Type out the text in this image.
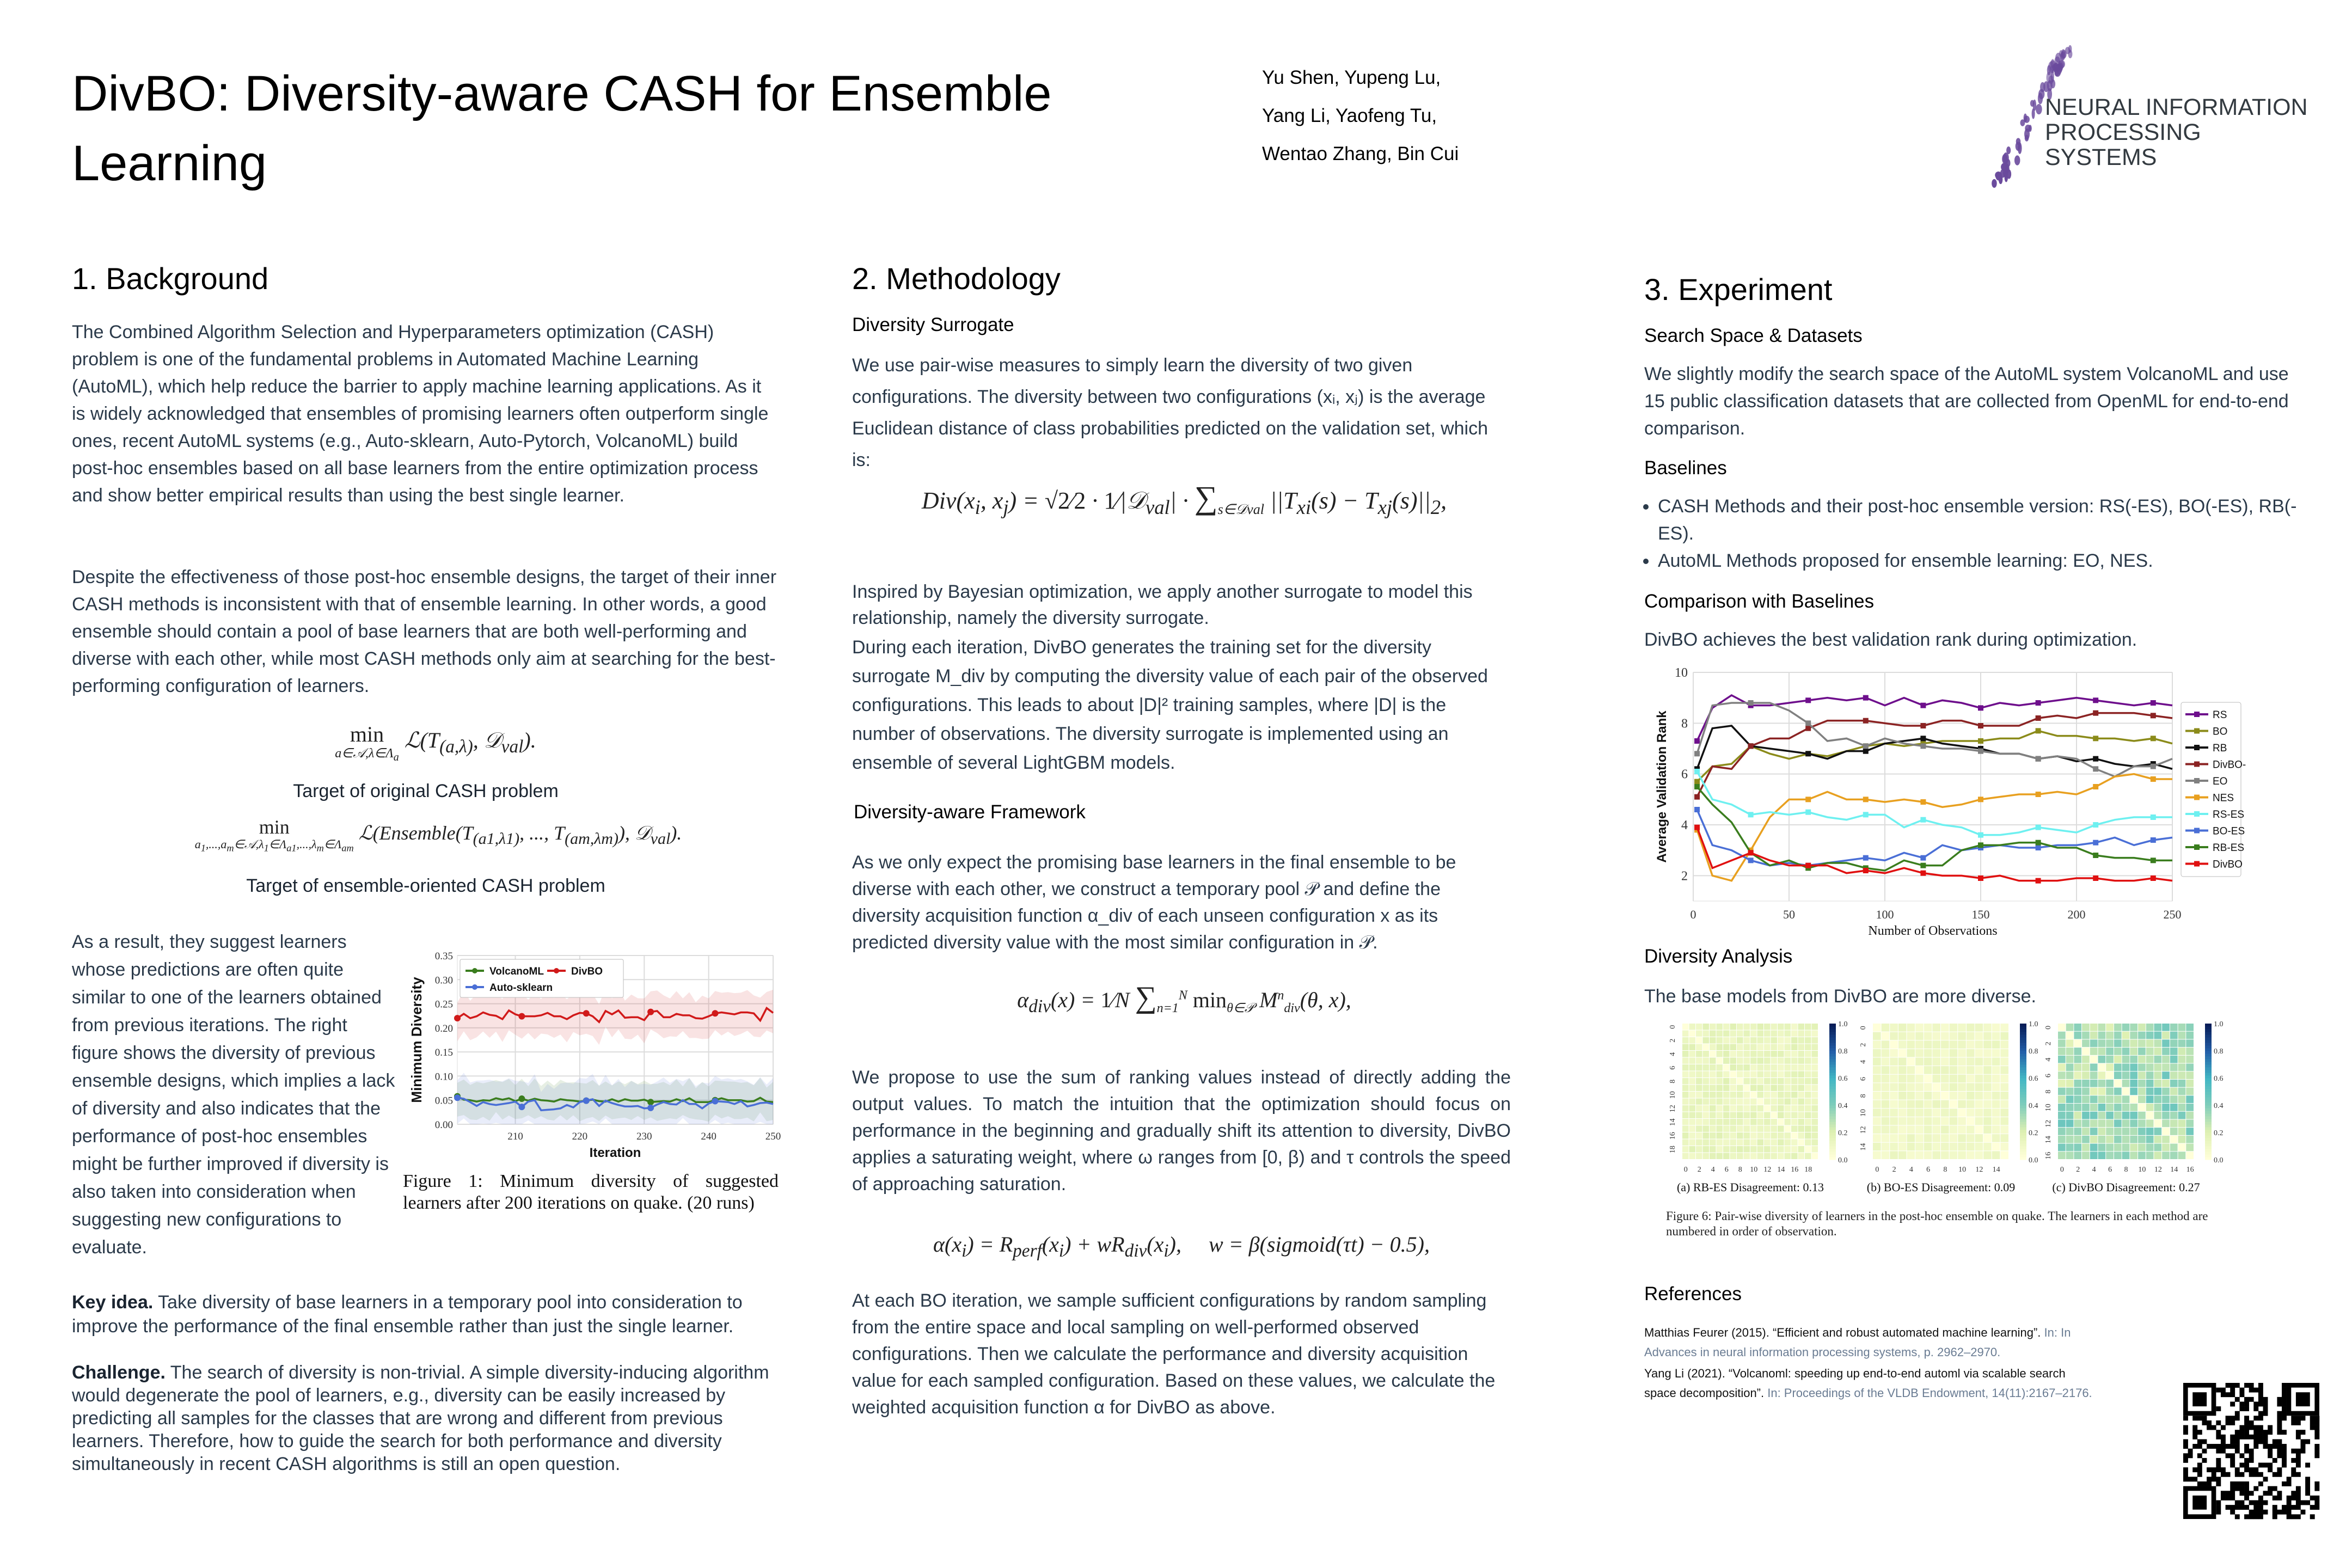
DivBO: Diversity-aware CASH for Ensemble
Learning
Yu Shen, Yupeng Lu,
Yang Li, Yaofeng Tu,
Wentao Zhang, Bin Cui
NEURAL INFORMATION
PROCESSING SYSTEMS
1. Background
The Combined Algorithm Selection and Hyperparameters optimization (CASH) problem is one of the fundamental problems in Automated Machine Learning (AutoML), which help reduce the barrier to apply machine learning applications. As it is widely acknowledged that ensembles of promising learners often outperform single ones, recent AutoML systems (e.g., Auto-sklearn, Auto-Pytorch, VolcanoML) build post-hoc ensembles based on all base learners from the entire optimization process and show better empirical results than using the best single learner.
Despite the effectiveness of those post-hoc ensemble designs, the target of their inner CASH methods is inconsistent with that of ensemble learning. In other words, a good ensemble should contain a pool of base learners that are both well-performing and diverse with each other, while most CASH methods only aim at searching for the best-performing configuration of learners.
min
$a\in 𝒜,\lambda\in\Lambda_a$
$ℒ(T_{(a,\lambda)}$, 𝒟$_{val}$).
Target of original CASH problem
min
$a_1,...,a_m\in 𝒜,\lambda_1\in\Lambda_{a1},...,\lambda_m\in\Lambda_{am}$
$ℒ(Ensemble(T_{(a1,\lambda 1)}$, ..., $T_{(am,\lambda m)}$), 𝒟$_{val}$).
Target of ensemble-oriented CASH problem
As a result, they suggest learners whose predictions are often quite similar to one of the learners obtained from previous iterations. The right figure shows the diversity of previous ensemble designs, which implies a lack of diversity and also indicates that the performance of post-hoc ensembles might be further improved if diversity is also taken into consideration when suggesting new configurations to evaluate.
0.00
0.05
0.10
0.15
0.20
0.25
0.30
0.35
210	220	230	240	250
Iteration
Minimum Diversity
VolcanoML
Auto-sklearn
DivBO
Figure 1: Minimum diversity of suggested learners after 200 iterations on quake. (20 runs)
Key idea. Take diversity of base learners in a temporary pool into consideration to improve the performance of the final ensemble rather than just the single learner.
Challenge. The search of diversity is non-trivial. A simple diversity-inducing algorithm would degenerate the pool of learners, e.g., diversity can be easily increased by predicting all samples for the classes that are wrong and different from previous learners. Therefore, how to guide the search for both performance and diversity simultaneously in recent CASH algorithms is still an open question.
2. Methodology
Diversity Surrogate
We use pair-wise measures to simply learn the diversity of two given configurations. The diversity between two configurations (xᵢ, xⱼ) is the average Euclidean distance of class probabilities predicted on the validation set, which is:
$Div(x_i$, $x_j$) = √2⁄2 · 1⁄|𝒟$_{val}$| · $\sum_{s\in 𝒟val}$ $||T_{xi}(s) - T_{xj}(s)||_2$,
Inspired by Bayesian optimization, we apply another surrogate to model this relationship, namely the diversity surrogate.
During each iteration, DivBO generates the training set for the diversity surrogate M_div by computing the diversity value of each pair of the observed configurations. This leads to about |D|² training samples, where |D| is the number of observations. The diversity surrogate is implemented using an ensemble of several LightGBM models.
Diversity-aware Framework
As we only expect the promising base learners in the final ensemble to be diverse with each other, we construct a temporary pool 𝒫 and define the diversity acquisition function α_div of each unseen configuration x as its predicted diversity value with the most similar configuration in 𝒫.
$\alpha_{div}(x)$ = 1⁄N $\sum_{n=1}^N$ $\min_{\theta\in 𝒫} M^n_{div}(\theta$, x),
We propose to use the sum of ranking values instead of directly adding the output values. To match the intuition that the optimization should focus on performance in the beginning and gradually shift its attention to diversity, DivBO applies a saturating weight, where ω ranges from [0, β) and τ controls the speed of approaching saturation.
$\alpha(x_i) = R_{perf}(x_i) + wR_{div}(x_i)$,     w = β(sigmoid(τt) − 0.5),
At each BO iteration, we sample sufficient configurations by random sampling from the entire space and local sampling on well-performed observed configurations. Then we calculate the performance and diversity acquisition value for each sampled configuration. Based on these values, we calculate the weighted acquisition function α for DivBO as above.
3. Experiment
Search Space & Datasets
We slightly modify the search space of the AutoML system VolcanoML and use 15 public classification datasets that are collected from OpenML for end-to-end comparison.
Baselines
• CASH Methods and their post-hoc ensemble version: RS(-ES), BO(-ES), RB(-ES).
• AutoML Methods proposed for ensemble learning: EO, NES.
Comparison with Baselines
DivBO achieves the best validation rank during optimization.
2
4
6
8
10
0	50	100	150	200	250
Number of Observations
Average Validation Rank	RS
BO
RB
DivBO-
EO
NES
RS-ES
BO-ES
RB-ES
DivBO
Diversity Analysis
The base models from DivBO are more diverse.
0
0
2
2
4
4
6
6
8
8
10
10
12
12
14
14
16
16
18
18
0.0
0.2
0.4
0.6
0.8
1.0
(a) RB-ES Disagreement: 0.13
0
0
2
2
4
4
6
6
8
8
10
10
12
12
14
14
0.0
0.2
0.4
0.6
0.8
1.0
(b) BO-ES Disagreement: 0.09
0
0
2
2
4
4
6
6
8
8
10
10
12
12
14
14
16
16
0.0
0.2
0.4
0.6
0.8
1.0
(c) DivBO Disagreement: 0.27
Figure 6: Pair-wise diversity of learners in the post-hoc ensemble on quake. The learners in each method are numbered in order of observation.
References
Matthias Feurer (2015). “Efficient and robust automated machine learning”. In: In Advances in neural information processing systems, p. 2962–2970.
Yang Li (2021). “Volcanoml: speeding up end-to-end automl via scalable search space decomposition”. In: Proceedings of the VLDB Endowment, 14(11):2167–2176.
